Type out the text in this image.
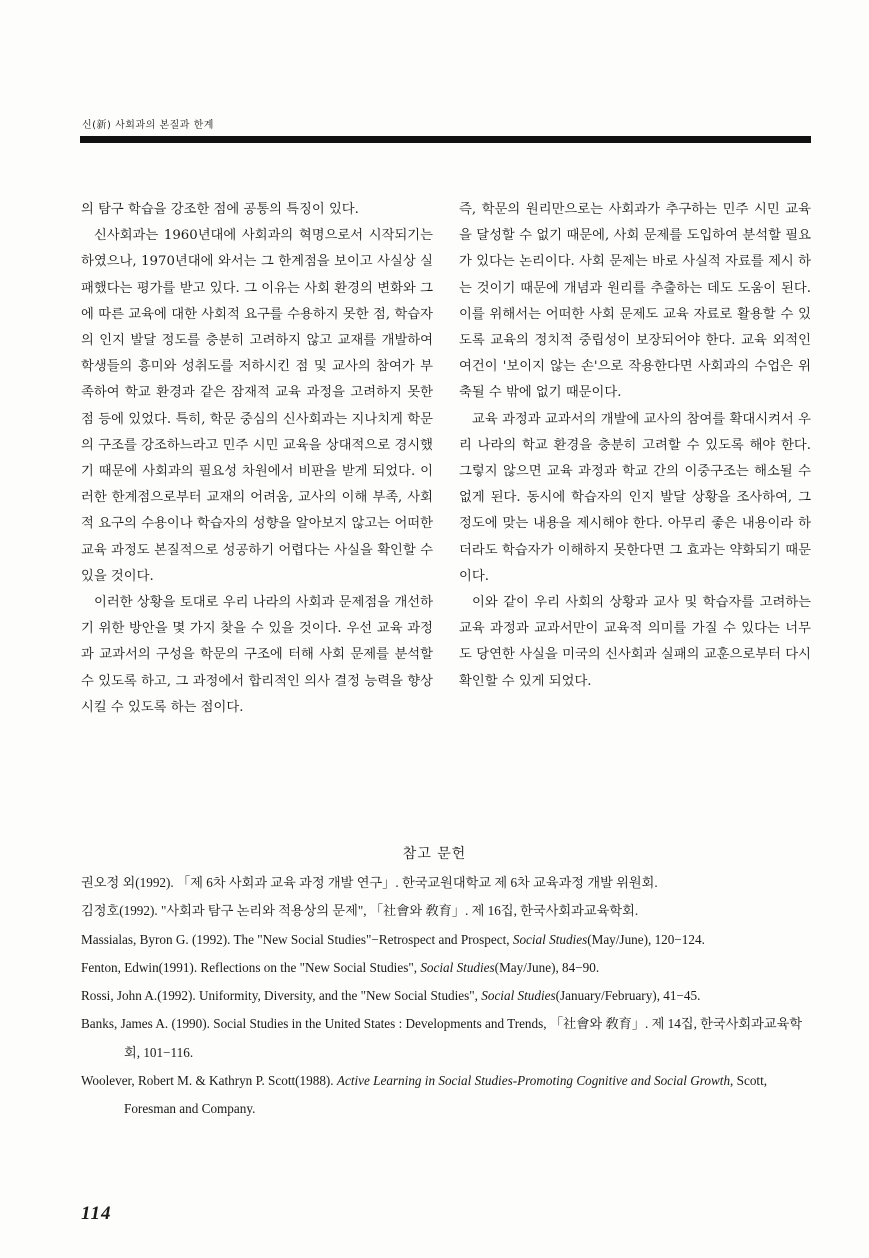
신(新) 사회과의 본질과 한계

의 탐구 학습을 강조한 점에 공통의 특징이 있다.

신사회과는 1960년대에 사회과의 혁명으로서 시작되기는 하였으나, 1970년대에 와서는 그 한계점을 보이고 사실상 실패했다는 평가를 받고 있다. 그 이유는 사회 환경의 변화와 그에 따른 교육에 대한 사회적 요구를 수용하지 못한 점, 학습자의 인지 발달 정도를 충분히 고려하지 않고 교재를 개발하여 학생들의 흥미와 성취도를 저하시킨 점 및 교사의 참여가 부족하여 학교 환경과 같은 잠재적 교육 과정을 고려하지 못한 점 등에 있었다. 특히, 학문 중심의 신사회과는 지나치게 학문의 구조를 강조하느라고 민주 시민 교육을 상대적으로 경시했기 때문에 사회과의 필요성 차원에서 비판을 받게 되었다. 이러한 한계점으로부터 교재의 어려움, 교사의 이해 부족, 사회적 요구의 수용이나 학습자의 성향을 알아보지 않고는 어떠한 교육 과정도 본질적으로 성공하기 어렵다는 사실을 확인할 수 있을 것이다.

이러한 상황을 토대로 우리 나라의 사회과 문제점을 개선하기 위한 방안을 몇 가지 찾을 수 있을 것이다. 우선 교육 과정과 교과서의 구성을 학문의 구조에 터해 사회 문제를 분석할 수 있도록 하고, 그 과정에서 합리적인 의사 결정 능력을 향상시킬 수 있도록 하는 점이다.

즉, 학문의 원리만으로는 사회과가 추구하는 민주 시민 교육을 달성할 수 없기 때문에, 사회 문제를 도입하여 분석할 필요가 있다는 논리이다. 사회 문제는 바로 사실적 자료를 제시 하는 것이기 때문에 개념과 원리를 추출하는 데도 도움이 된다. 이를 위해서는 어떠한 사회 문제도 교육 자료로 활용할 수 있도록 교육의 정치적 중립성이 보장되어야 한다. 교육 외적인 여건이 '보이지 않는 손'으로 작용한다면 사회과의 수업은 위축될 수 밖에 없기 때문이다.

교육 과정과 교과서의 개발에 교사의 참여를 확대시켜서 우리 나라의 학교 환경을 충분히 고려할 수 있도록 해야 한다. 그렇지 않으면 교육 과정과 학교 간의 이중구조는 해소될 수 없게 된다. 동시에 학습자의 인지 발달 상황을 조사하여, 그 정도에 맞는 내용을 제시해야 한다. 아무리 좋은 내용이라 하더라도 학습자가 이해하지 못한다면 그 효과는 약화되기 때문이다.

이와 같이 우리 사회의 상황과 교사 및 학습자를 고려하는 교육 과정과 교과서만이 교육적 의미를 가질 수 있다는 너무도 당연한 사실을 미국의 신사회과 실패의 교훈으로부터 다시 확인할 수 있게 되었다.

참고 문헌
권오정 외(1992). 「제 6차 사회과 교육 과정 개발 연구」. 한국교원대학교 제 6차 교육과정 개발 위원회.
김정호(1992). "사회과 탐구 논리와 적용상의 문제", 「社會와 敎育」. 제 16집, 한국사회과교육학회.
Massialas, Byron G. (1992). The "New Social Studies"−Retrospect and Prospect, Social Studies(May/June), 120−124.
Fenton, Edwin(1991). Reflections on the "New Social Studies", Social Studies(May/June), 84−90.
Rossi, John A.(1992). Uniformity, Diversity, and the "New Social Studies", Social Studies(January/February), 41−45.
Banks, James A. (1990). Social Studies in the United States : Developments and Trends, 「社會와 敎育」. 제 14집, 한국사회과교육학회, 101−116.
Woolever, Robert M. & Kathryn P. Scott(1988). Active Learning in Social Studies-Promoting Cognitive and Social Growth, Scott, Foresman and Company.
114
